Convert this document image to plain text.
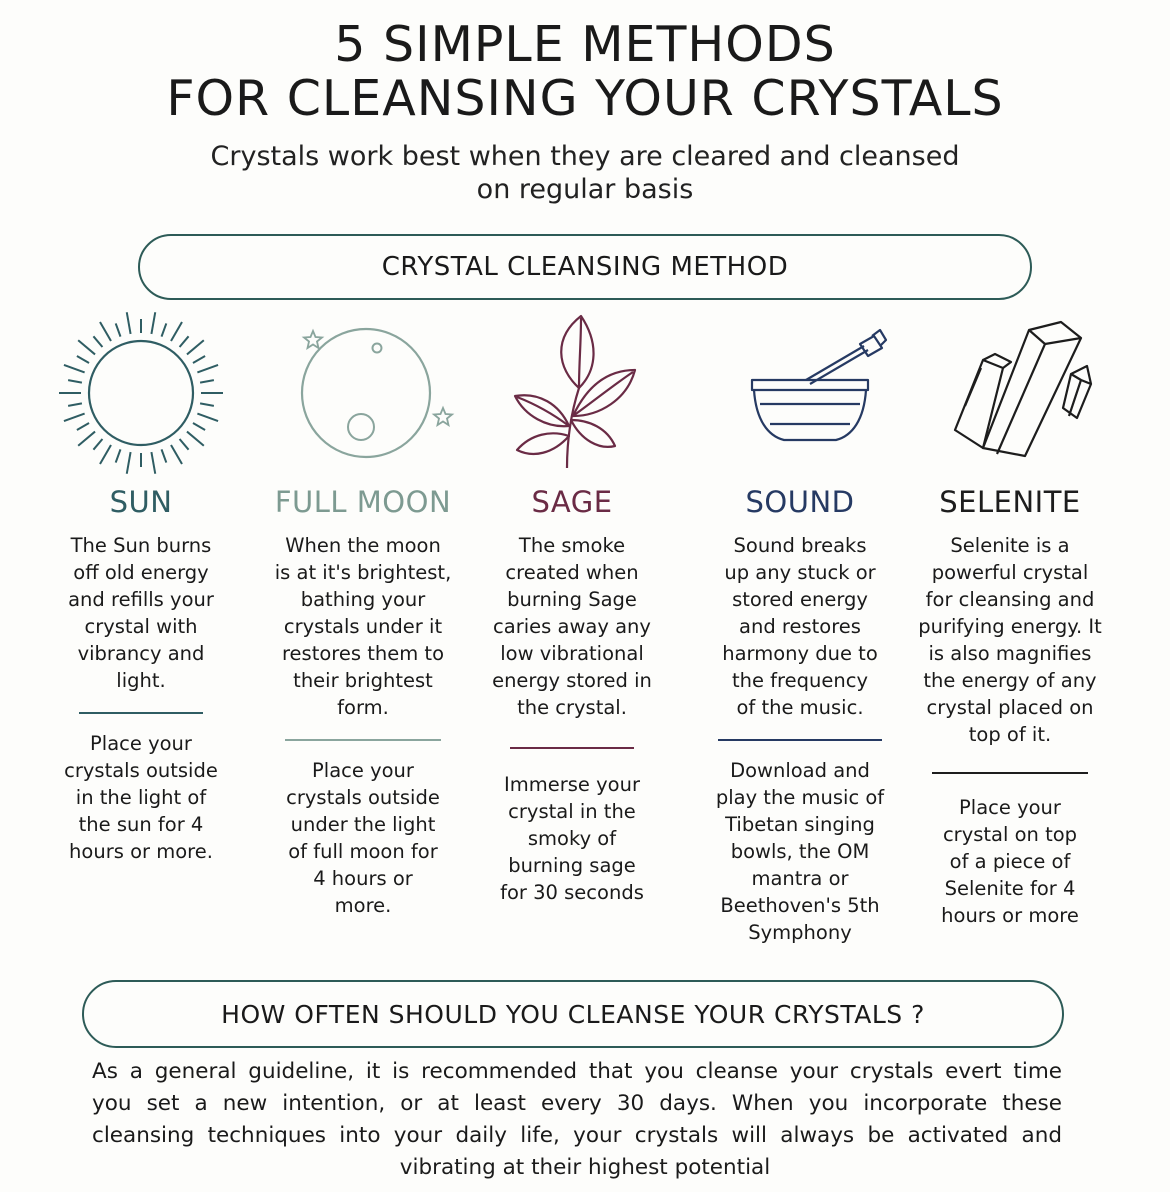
5 SIMPLE METHODS
FOR CLEANSING YOUR CRYSTALS
Crystals work best when they are cleared and cleansed
on regular basis
CRYSTAL CLEANSING METHOD
SUN
The Sun burns
off old energy
and refills your
crystal with
vibrancy and
light.
Place your
crystals outside
in the light of
the sun for 4
hours or more.
FULL MOON
When the moon
is at it's brightest,
bathing your
crystals under it
restores them to
their brightest
form.
Place your
crystals outside
under the light
of full moon for
4 hours or
more.
SAGE
The smoke
created when
burning Sage
caries away any
low vibrational
energy stored in
the crystal.
Immerse your
crystal in the
smoky of
burning sage
for 30 seconds
SOUND
Sound breaks
up any stuck or
stored energy
and restores
harmony due to
the frequency
of the music.
Download and
play the music of
Tibetan singing
bowls, the OM
mantra or
Beethoven's 5th
Symphony
SELENITE
Selenite is a
powerful crystal
for cleansing and
purifying energy. It
is also magnifies
the energy of any
crystal placed on
top of it.
Place your
crystal on top
of a piece of
Selenite for 4
hours or more
HOW OFTEN SHOULD YOU CLEANSE YOUR CRYSTALS ?
As a general guideline, it is recommended that you cleanse your crystals evert time
you set a new intention, or at least every 30 days. When you incorporate these
cleansing techniques into your daily life, your crystals will always be activated and
vibrating at their highest potential
